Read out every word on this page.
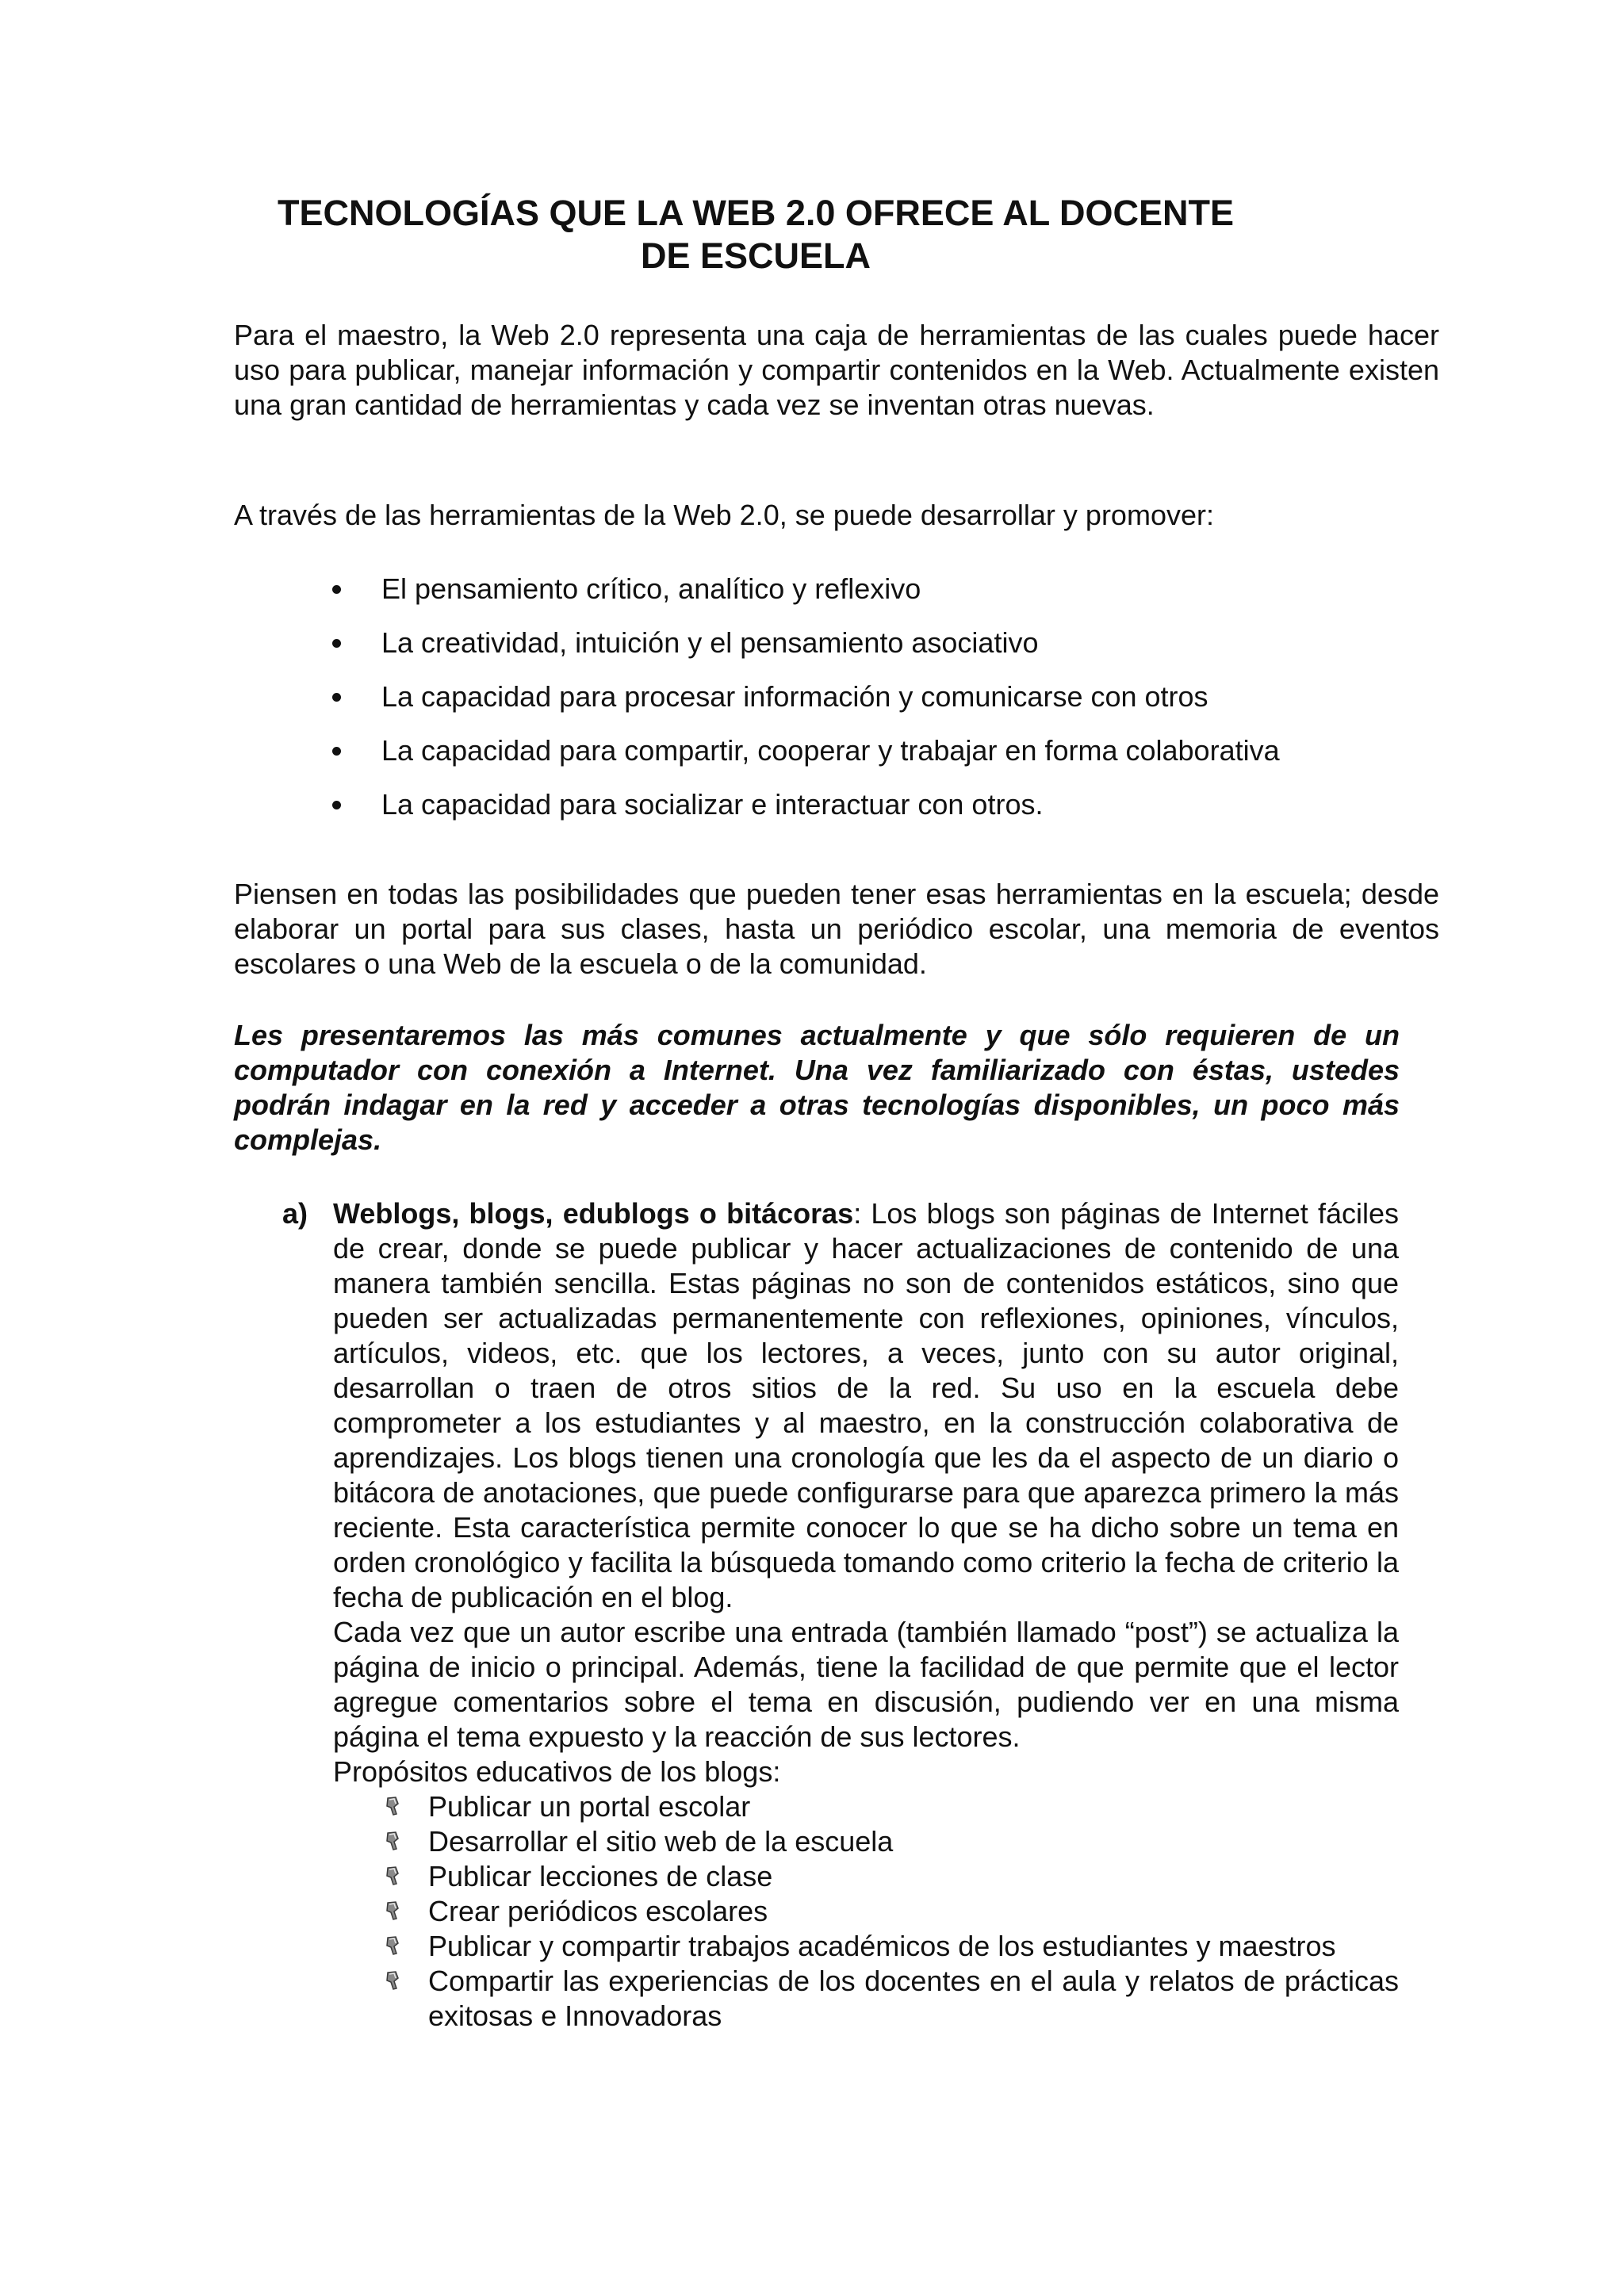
TECNOLOGÍAS QUE LA WEB 2.0 OFRECE AL DOCENTE
DE ESCUELA

Para el maestro, la Web 2.0 representa una caja de herramientas de las cuales puede hacer uso para publicar, manejar información y compartir contenidos en la Web. Actualmente existen una gran cantidad de herramientas y cada vez se inventan otras nuevas.

A través de las herramientas de la Web 2.0, se puede desarrollar y promover:

El pensamiento crítico, analítico y reflexivo
La creatividad, intuición y el pensamiento asociativo
La capacidad para procesar información y comunicarse con otros
La capacidad para compartir, cooperar y trabajar en forma colaborativa
La capacidad para socializar e interactuar con otros.

Piensen en todas las posibilidades que pueden tener esas herramientas en la escuela; desde elaborar un portal para sus clases, hasta un periódico escolar, una memoria de eventos escolares o una Web de la escuela o de la comunidad.

Les presentaremos las más comunes actualmente y que sólo requieren de un computador con conexión a Internet. Una vez familiarizado con éstas, ustedes podrán indagar en la red y acceder a otras tecnologías disponibles, un poco más complejas.

a) Weblogs, blogs, edublogs o bitácoras: Los blogs son páginas de Internet fáciles de crear, donde se puede publicar y hacer actualizaciones de contenido de una manera también sencilla. Estas páginas no son de contenidos estáticos, sino que pueden ser actualizadas permanentemente con reflexiones, opiniones, vínculos, artículos, videos, etc. que los lectores, a veces, junto con su autor original, desarrollan o traen de otros sitios de la red. Su uso en la escuela debe comprometer a los estudiantes y al maestro, en la construcción colaborativa de aprendizajes. Los blogs tienen una cronología que les da el aspecto de un diario o bitácora de anotaciones, que puede configurarse para que aparezca primero la más reciente. Esta característica permite conocer lo que se ha dicho sobre un tema en orden cronológico y facilita la búsqueda tomando como criterio la fecha de criterio la fecha de publicación en el blog.

Cada vez que un autor escribe una entrada (también llamado “post”) se actualiza la página de inicio o principal. Además, tiene la facilidad de que permite que el lector agregue comentarios sobre el tema en discusión, pudiendo ver en una misma página el tema expuesto y la reacción de sus lectores.

Propósitos educativos de los blogs:

Publicar un portal escolar
Desarrollar el sitio web de la escuela
Publicar lecciones de clase
Crear periódicos escolares
Publicar y compartir trabajos académicos de los estudiantes y maestros
Compartir las experiencias de los docentes en el aula y relatos de prácticas exitosas e Innovadoras
